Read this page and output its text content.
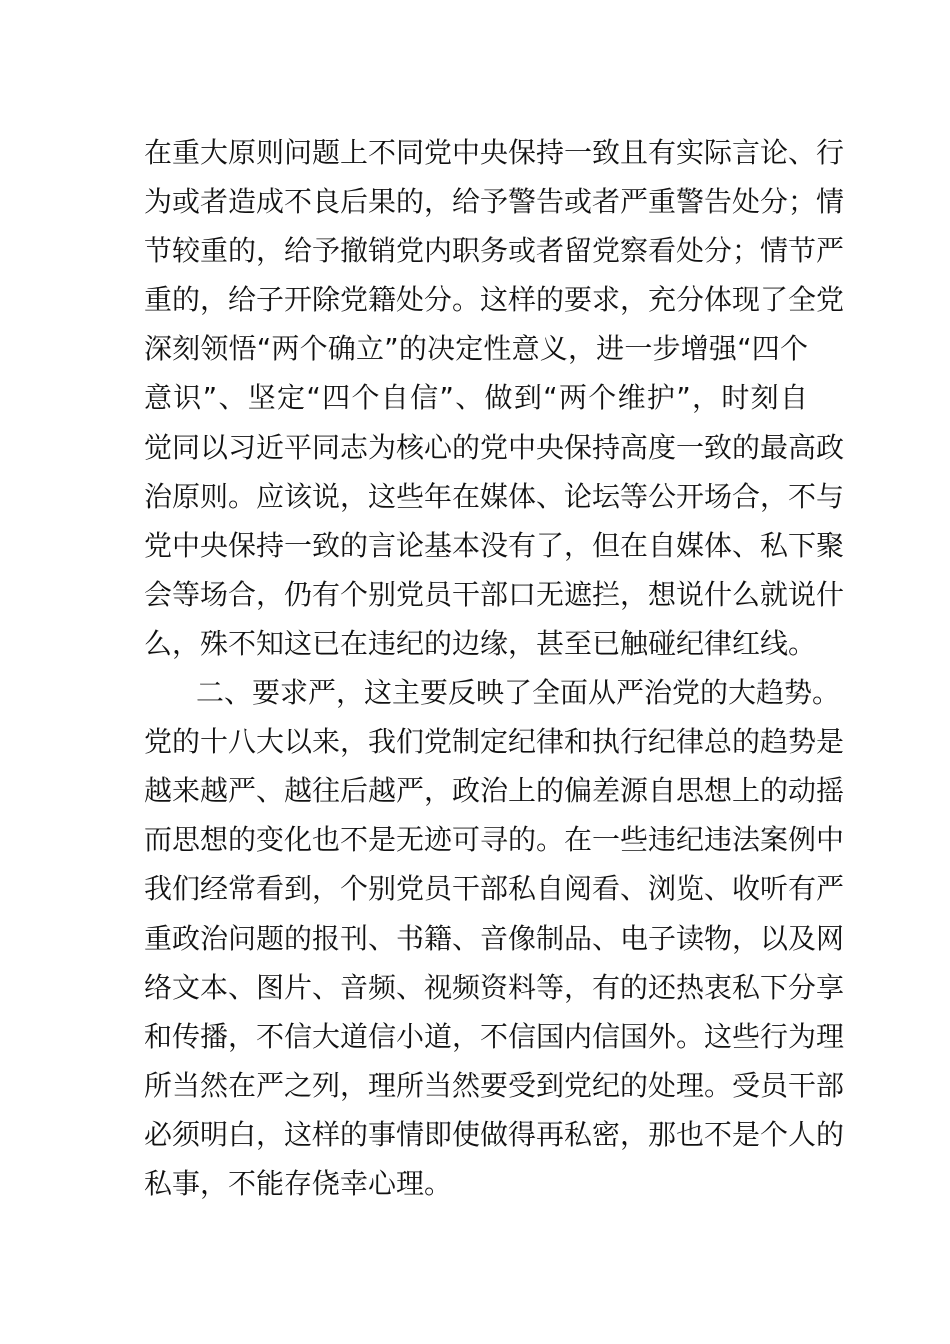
在重大原则问题上不同党中央保持一致且有实际言论、行
为或者造成不良后果的，给予警告或者严重警告处分；情
节较重的，给予撤销党内职务或者留党察看处分；情节严
重的，给子开除党籍处分。这样的要求，充分体现了全党
深刻领悟“两个确立”的决定性意义，进一步增强“四个
意识”、坚定“四个自信”、做到“两个维护”，时刻自
觉同以习近平同志为核心的党中央保持高度一致的最高政
治原则。应该说，这些年在媒体、论坛等公开场合，不与
党中央保持一致的言论基本没有了，但在自媒体、私下聚
会等场合，仍有个别党员干部口无遮拦，想说什么就说什
么，殊不知这已在违纪的边缘，甚至已触碰纪律红线。
二、要求严，这主要反映了全面从严治党的大趋势。
党的十八大以来，我们党制定纪律和执行纪律总的趋势是
越来越严、越往后越严，政治上的偏差源自思想上的动摇
而思想的变化也不是无迹可寻的。在一些违纪违法案例中
我们经常看到，个别党员干部私自阅看、浏览、收听有严
重政治问题的报刊、书籍、音像制品、电子读物，以及网
络文本、图片、音频、视频资料等，有的还热衷私下分享
和传播，不信大道信小道，不信国内信国外。这些行为理
所当然在严之列，理所当然要受到党纪的处理。受员干部
必须明白，这样的事情即使做得再私密，那也不是个人的
私事，不能存侥幸心理。
